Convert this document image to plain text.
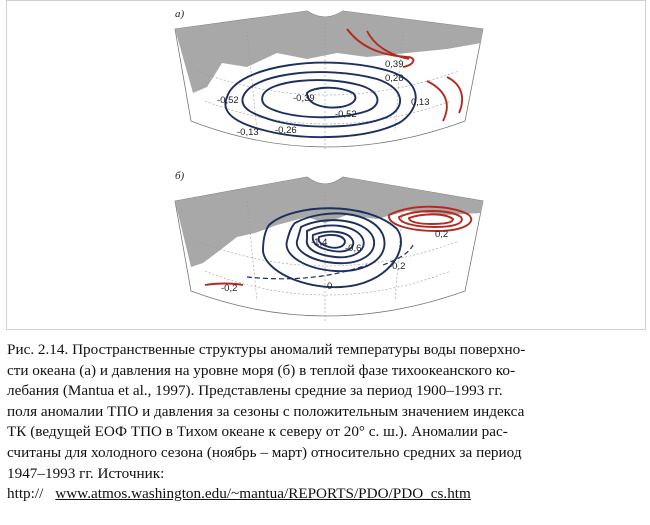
а)
0,39
0,26
0,13
-0,52	-0,39
-0,52
-0,13 -0,26
б)
-1,4
-0,6
0,2
-0,2
-0,2	0
Рис. 2.14. Пространственные структуры аномалий температуры воды поверхно-
сти океана (а) и давления на уровне моря (б) в теплой фазе тихоокеанского ко-
лебания (Mantua et al., 1997). Представлены средние за период 1900–1993 гг.
поля аномалии ТПО и давления за сезоны с положительным значением индекса
ТК (ведущей ЕОФ ТПО в Тихом океане к северу от 20° с. ш.). Аномалии рас-
считаны для холодного сезона (ноябрь – март) относительно средних за период
1947–1993 гг. Источник:
http:// www.atmos.washington.edu/~mantua/REPORTS/PDO/PDO_cs.htm
